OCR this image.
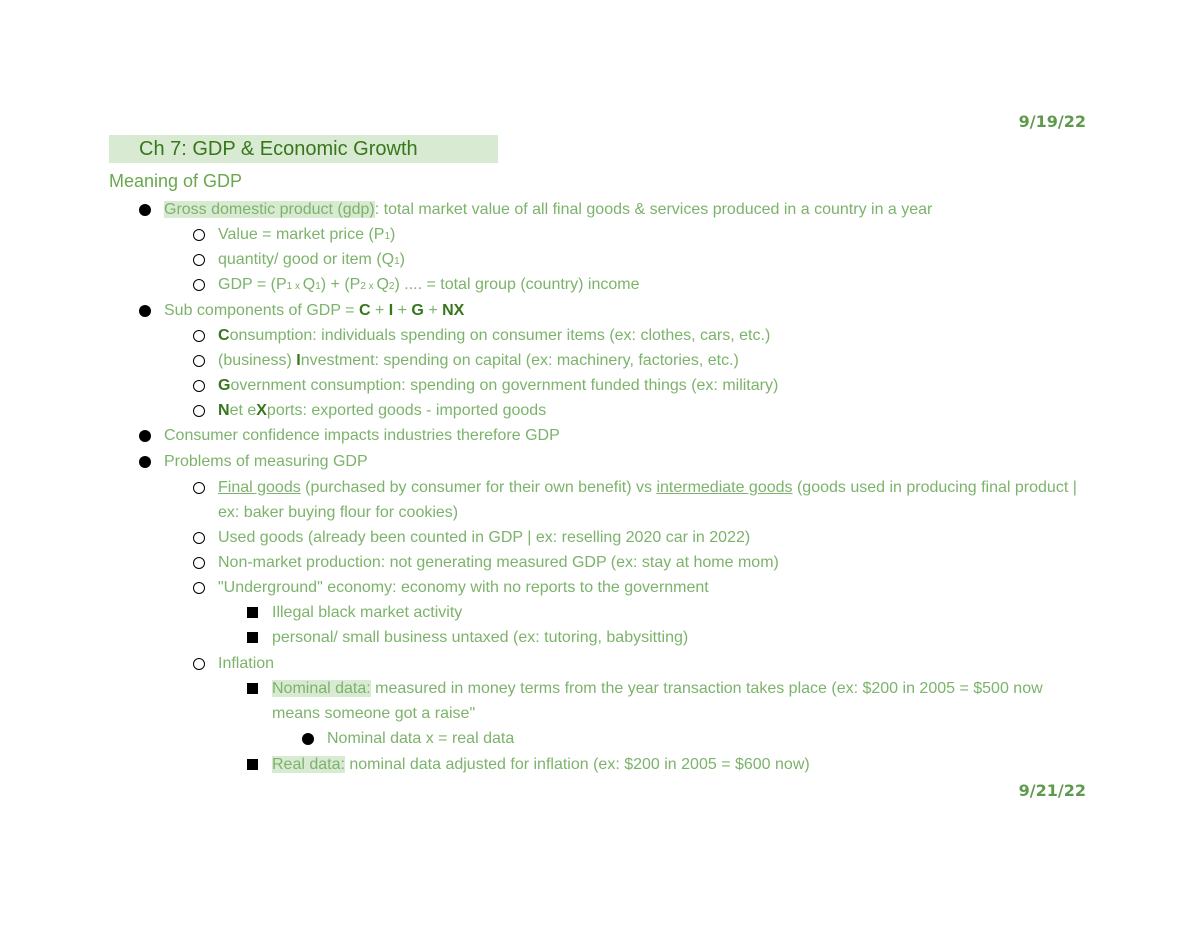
9/19/22
Ch 7: GDP & Economic Growth
Meaning of GDP
Gross domestic product (gdp): total market value of all final goods & services produced in a country in a year
Value = market price (P1)
quantity/ good or item (Q1)
GDP = (P1 x Q1) + (P2 x Q2) .... = total group (country) income
Sub components of GDP = C + I + G + NX
Consumption: individuals spending on consumer items (ex: clothes, cars, etc.)
(business) Investment: spending on capital (ex: machinery, factories, etc.)
Government consumption: spending on government funded things (ex: military)
Net eXports: exported goods - imported goods
Consumer confidence impacts industries therefore GDP
Problems of measuring GDP
Final goods (purchased by consumer for their own benefit) vs intermediate goods (goods used in producing final product | ex: baker buying flour for cookies)
Used goods (already been counted in GDP | ex: reselling 2020 car in 2022)
Non-market production: not generating measured GDP (ex: stay at home mom)
"Underground" economy: economy with no reports to the government
Illegal black market activity
personal/ small business untaxed (ex: tutoring, babysitting)
Inflation
Nominal data: measured in money terms from the year transaction takes place (ex: $200 in 2005 = $500 now means someone got a raise"
Nominal data x = real data
Real data: nominal data adjusted for inflation (ex: $200 in 2005 = $600 now)
9/21/22
